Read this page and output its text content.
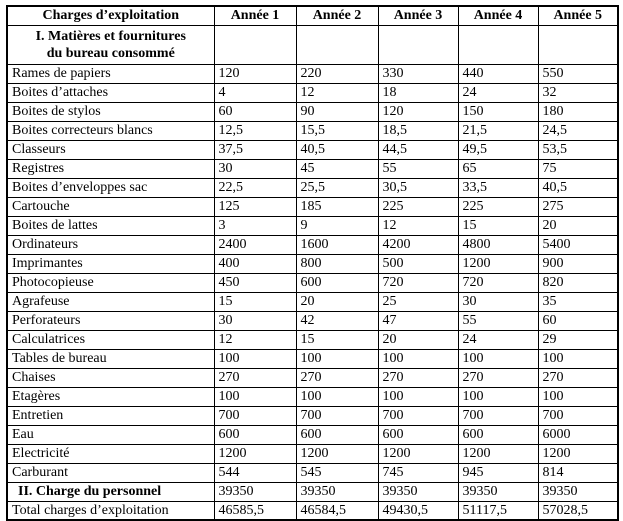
Charges d’exploitation	Année 1	Année 2	Année 3	Année 4	Année 5

I. Matières et fournitures
du bureau consommé					

Rames de papiers	120	220	330	440	550
Boites d’attaches	4	12	18	24	32
Boites de stylos	60	90	120	150	180
Boites correcteurs blancs	12,5	15,5	18,5	21,5	24,5
Classeurs	37,5	40,5	44,5	49,5	53,5
Registres	30	45	55	65	75
Boites d’enveloppes sac	22,5	25,5	30,5	33,5	40,5
Cartouche	125	185	225	225	275
Boites de lattes	3	9	12	15	20
Ordinateurs	2400	1600	4200	4800	5400
Imprimantes	400	800	500	1200	900
Photocopieuse	450	600	720	720	820
Agrafeuse	15	20	25	30	35
Perforateurs	30	42	47	55	60
Calculatrices	12	15	20	24	29
Tables de bureau	100	100	100	100	100
Chaises	270	270	270	270	270
Etagères	100	100	100	100	100
Entretien	700	700	700	700	700
Eau	600	600	600	600	6000
Electricité	1200	1200	1200	1200	1200
Carburant	544	545	745	945	814
II. Charge du personnel	39350	39350	39350	39350	39350
Total charges d’exploitation	46585,5	46584,5	49430,5	51117,5	57028,5
